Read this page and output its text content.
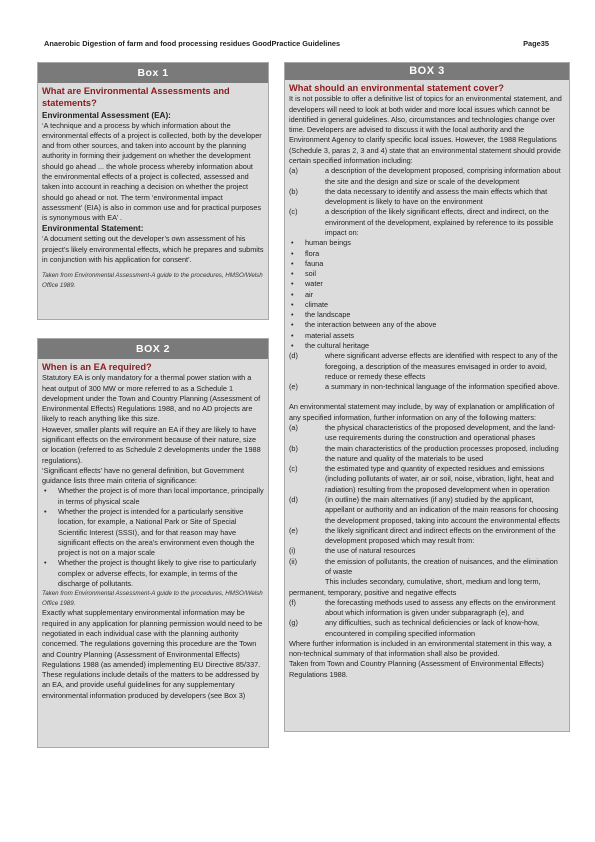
Anaerobic Digestion of farm and food processing residues GoodPractice Guidelines	Page35
Box 1
What are Environmental Assessments and statements?
Environmental Assessment (EA):
‘A technique and a process by which information about the environmental effects of a project is collected, both by the developer and from other sources, and taken into account by the planning authority in forming their judgement on whether the development should go ahead ... the whole process whereby information about the environmental effects of a project is collected, assessed and taken into account in reaching a decision on whether the project should go ahead or not. The term ‘environmental impact assessment’ (EIA) is also in common use and for practical purposes is synonymous with EA’ .
Environmental Statement:
‘A document setting out the developer’s own assessment of his project’s likely environmental effects, which he prepares and submits in conjunction with his application for consent’.
Taken from Environmental Assessment-A guide to the procedures, HMSO/Welsh Office 1989.
BOX 2
When is an EA required?
Statutory EA is only mandatory for a thermal power station with a heat output of 300 MW or more referred to as a Schedule 1 development under the Town and Country Planning (Assessment of Environmental Effects) Regulations 1988, and no AD projects are likely to reach anything like this size.
However, smaller plants will require an EA if they are likely to have significant effects on the environment because of their nature, size or location (referred to as Schedule 2 developments under the 1988 regulations).
‘Significant effects’ have no general definition, but Government guidance lists three main criteria of significance:
•	Whether the project is of more than local importance, principally in terms of physical scale
•	Whether the project is intended for a particularly sensitive location, for example, a National Park or Site of Special Scientific Interest (SSSI), and for that reason may have significant effects on the area’s environment even though the project is not on a major scale
•	Whether the project is thought likely to give rise to particularly complex or adverse effects, for example, in terms of the discharge of pollutants.
Taken from Environmental Assessment-A guide to the procedures, HMSO/Welsh Office 1989.
Exactly what supplementary environmental information may be required in any application for planning permission would need to be negotiated in each individual case with the planning authority concerned. The regulations governing this procedure are the Town and Country Planning (Assessment of Environmental Effects) Regulations 1988 (as amended) implementing EU Directive 85/337. These regulations include details of the matters to be addressed by an EA, and provide useful guidelines for any supplementary environmental information produced by developers (see Box 3)
BOX 3
What should an environmental statement cover?
It is not possible to offer a definitive list of topics for an environmental statement, and developers will need to look at both wider and more local issues which cannot be identified in general guidelines. Also, circumstances and technologies change over time. Developers are advised to discuss it with the local authority and the Environment Agency to clarify specific local issues. However, the 1988 Regulations (Schedule 3, paras 2, 3 and 4) state that an environmental statement should provide certain specified information including:
(a)	a description of the development proposed, comprising information about the site and the design and size or scale of the development
(b)	the data necessary to identify and assess the main effects which that development is likely to have on the environment
(c)	a description of the likely significant effects, direct and indirect, on the environment of the development, explained by reference to its possible impact on:
•	human beings
•	flora
•	fauna
•	soil
•	water
•	air
•	climate
•	the landscape
•	the interaction between any of the above
•	material assets
•	the cultural heritage
(d)	where significant adverse effects are identified with respect to any of the foregoing, a description of the measures envisaged in order to avoid, reduce or remedy these effects
(e)	a summary in non-technical language of the information specified above.
An environmental statement may include, by way of explanation or amplification of any specified information, further information on any of the following matters:
(a)	the physical characteristics of the proposed development, and the land-use requirements during the construction and operational phases
(b)	the main characteristics of the production processes proposed, including the nature and quality of the materials to be used
(c)	the estimated type and quantity of expected residues and emissions (including pollutants of water, air or soil, noise, vibration, light, heat and radiation) resulting from the proposed development when in operation
(d)	(in outline) the main alternatives (if any) studied by the applicant, appellant or authority and an indication of the main reasons for choosing the development proposed, taking into account the environmental effects
(e)	the likely significant direct and indirect effects on the environment of the development proposed which may result from:
(i)	the use of natural resources
(ii)	the emission of pollutants, the creation of nuisances, and the elimination of waste
This includes secondary, cumulative, short, medium and long term, permanent, temporary, positive and negative effects
(f)	the forecasting methods used to assess any effects on the environment about which information is given under subparagraph (e), and
(g)	any difficulties, such as technical deficiencies or lack of know-how, encountered in compiling specified information
Where further information is included in an environmental statement in this way, a non-technical summary of that information shall also be provided.
Taken from Town and Country Planning (Assessment of Environmental Effects) Regulations 1988.
